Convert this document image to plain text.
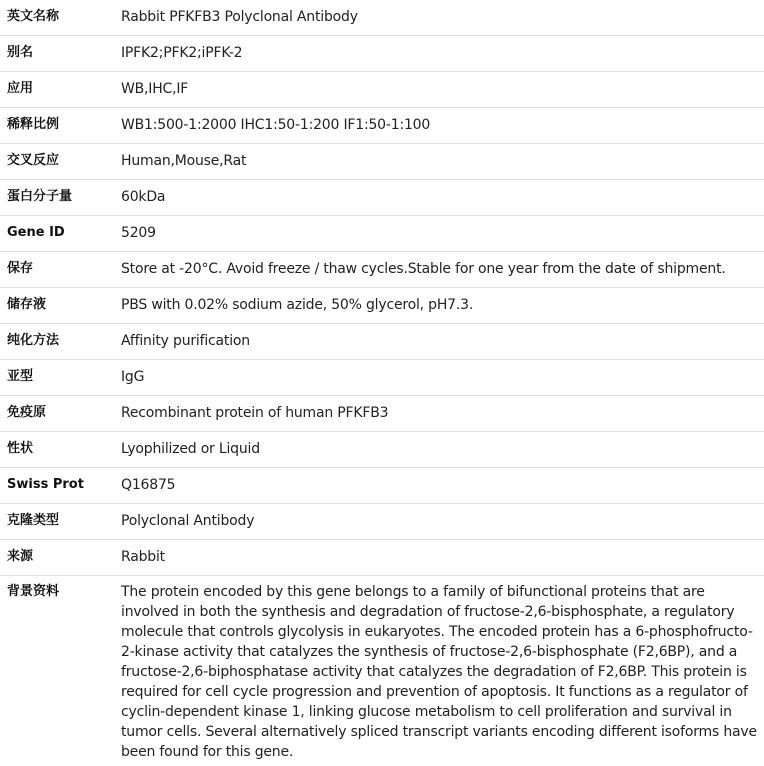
英文名称	Rabbit PFKFB3 Polyclonal Antibody
别名	IPFK2;PFK2;iPFK-2
应用	WB,IHC,IF
稀释比例	WB1:500-1:2000 IHC1:50-1:200 IF1:50-1:100
交叉反应	Human,Mouse,Rat
蛋白分子量	60kDa
Gene ID	5209
保存	Store at -20°C. Avoid freeze / thaw cycles.Stable for one year from the date of shipment.
储存液	PBS with 0.02% sodium azide, 50% glycerol, pH7.3.
纯化方法	Affinity purification
亚型	IgG
免疫原	Recombinant protein of human PFKFB3
性状	Lyophilized or Liquid
Swiss Prot	Q16875
克隆类型	Polyclonal Antibody
来源	Rabbit
背景资料	The protein encoded by this gene belongs to a family of bifunctional proteins that are involved in both the synthesis and degradation of fructose-2,6-bisphosphate, a regulatory molecule that controls glycolysis in eukaryotes. The encoded protein has a 6-phosphofructo-2-kinase activity that catalyzes the synthesis of fructose-2,6-bisphosphate (F2,6BP), and a fructose-2,6-biphosphatase activity that catalyzes the degradation of F2,6BP. This protein is required for cell cycle progression and prevention of apoptosis. It functions as a regulator of cyclin-dependent kinase 1, linking glucose metabolism to cell proliferation and survival in tumor cells. Several alternatively spliced transcript variants encoding different isoforms have been found for this gene.
